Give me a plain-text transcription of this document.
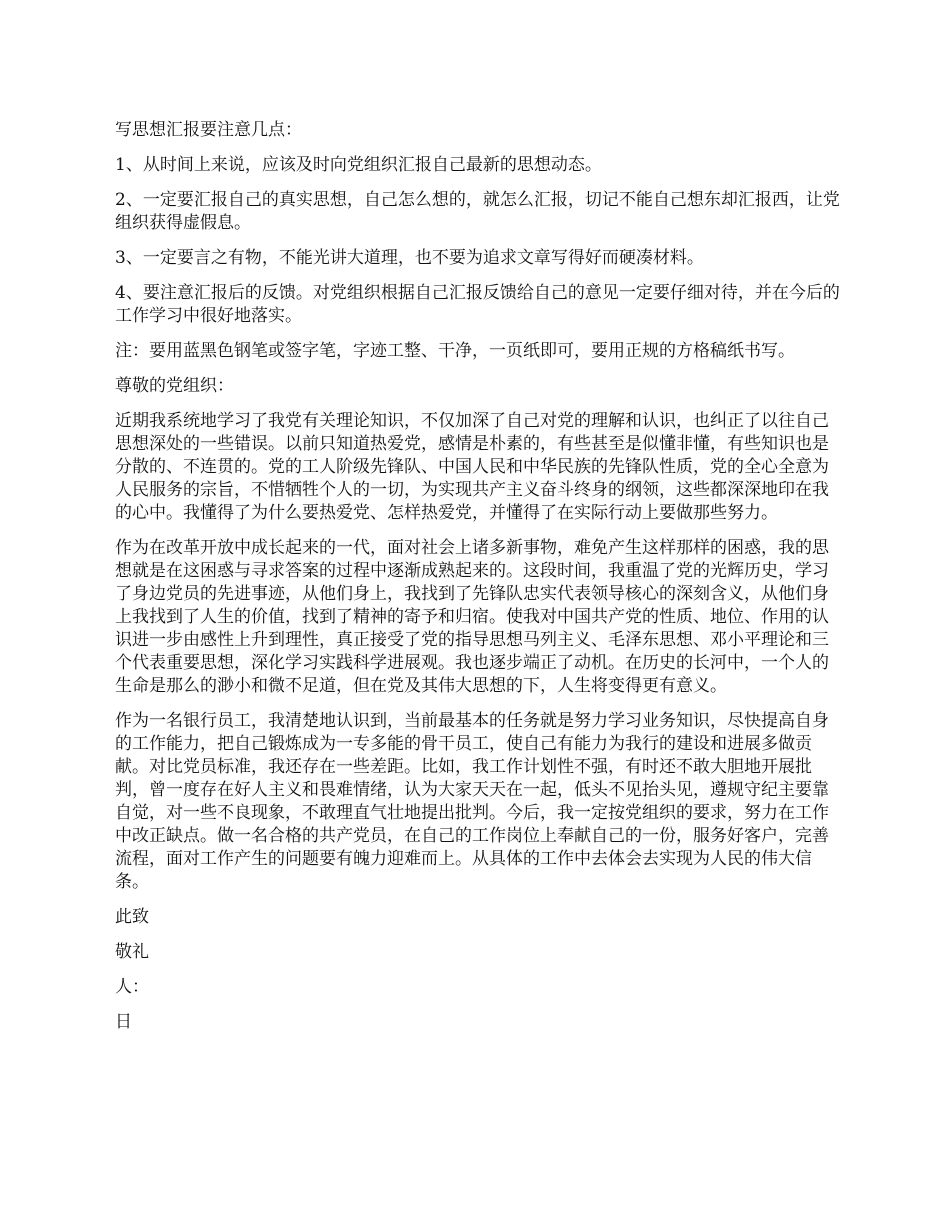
写思想汇报要注意几点：

1、从时间上来说，应该及时向党组织汇报自己最新的思想动态。

2、一定要汇报自己的真实思想，自己怎么想的，就怎么汇报，切记不能自己想东却汇报西，让党组织获得虚假息。

3、一定要言之有物，不能光讲大道理，也不要为追求文章写得好而硬凑材料。

4、要注意汇报后的反馈。对党组织根据自己汇报反馈给自己的意见一定要仔细对待，并在今后的工作学习中很好地落实。

注：要用蓝黑色钢笔或签字笔，字迹工整、干净，一页纸即可，要用正规的方格稿纸书写。

尊敬的党组织：

近期我系统地学习了我党有关理论知识，不仅加深了自己对党的理解和认识，也纠正了以往自己思想深处的一些错误。以前只知道热爱党，感情是朴素的，有些甚至是似懂非懂，有些知识也是分散的、不连贯的。党的工人阶级先锋队、中国人民和中华民族的先锋队性质，党的全心全意为人民服务的宗旨，不惜牺牲个人的一切，为实现共产主义奋斗终身的纲领，这些都深深地印在我的心中。我懂得了为什么要热爱党、怎样热爱党，并懂得了在实际行动上要做那些努力。

作为在改革开放中成长起来的一代，面对社会上诸多新事物，难免产生这样那样的困惑，我的思想就是在这困惑与寻求答案的过程中逐渐成熟起来的。这段时间，我重温了党的光辉历史，学习了身边党员的先进事迹，从他们身上，我找到了先锋队忠实代表领导核心的深刻含义，从他们身上我找到了人生的价值，找到了精神的寄予和归宿。使我对中国共产党的性质、地位、作用的认识进一步由感性上升到理性，真正接受了党的指导思想马列主义、毛泽东思想、邓小平理论和三个代表重要思想，深化学习实践科学进展观。我也逐步端正了动机。在历史的长河中，一个人的生命是那么的渺小和微不足道，但在党及其伟大思想的下，人生将变得更有意义。

作为一名银行员工，我清楚地认识到，当前最基本的任务就是努力学习业务知识，尽快提高自身的工作能力，把自己锻炼成为一专多能的骨干员工，使自己有能力为我行的建设和进展多做贡献。对比党员标准，我还存在一些差距。比如，我工作计划性不强，有时还不敢大胆地开展批判，曾一度存在好人主义和畏难情绪，认为大家天天在一起，低头不见抬头见，遵规守纪主要靠自觉，对一些不良现象，不敢理直气壮地提出批判。今后，我一定按党组织的要求，努力在工作中改正缺点。做一名合格的共产党员，在自己的工作岗位上奉献自己的一份，服务好客户，完善流程，面对工作产生的问题要有魄力迎难而上。从具体的工作中去体会去实现为人民的伟大信条。

此致

敬礼

人：

日
